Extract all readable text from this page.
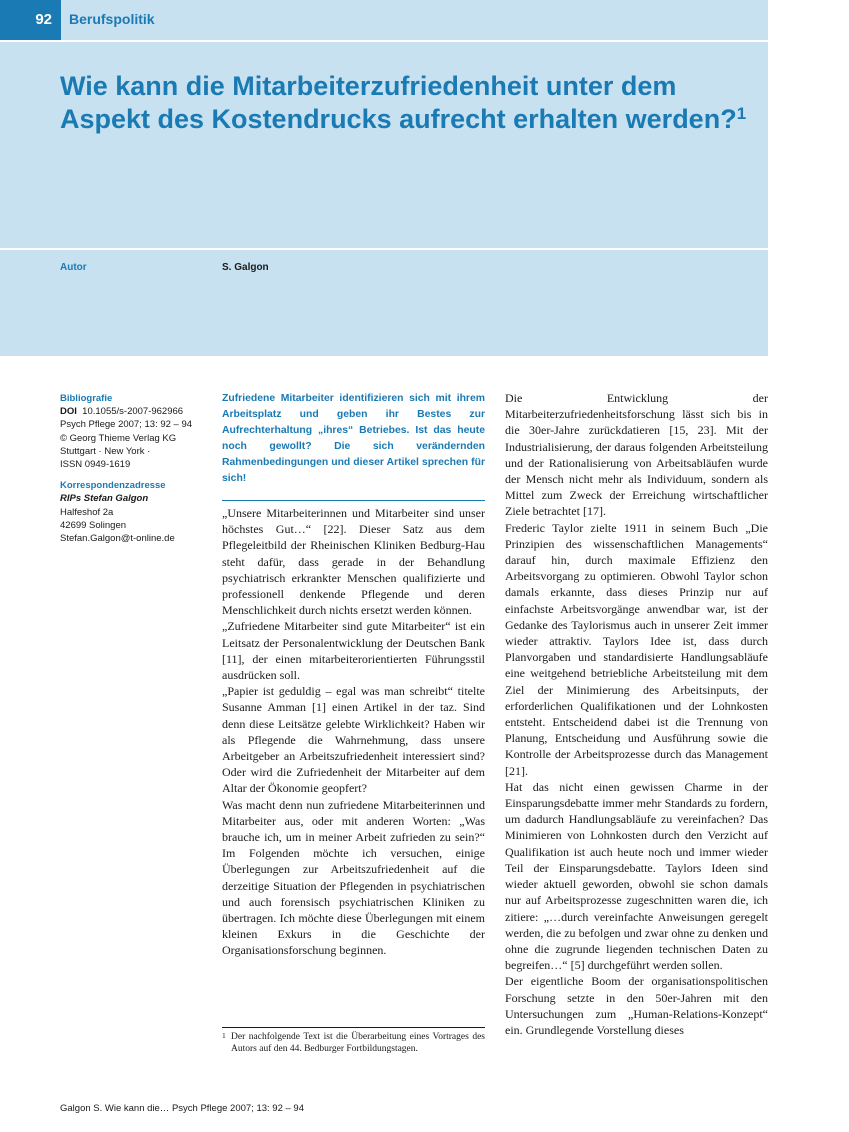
92	Berufspolitik
Wie kann die Mitarbeiterzufriedenheit unter dem Aspekt des Kostendrucks aufrecht erhalten werden?$^1$
Autor	S. Galgon
Bibliografie
DOI 10.1055/s-2007-962966
Psych Pflege 2007; 13: 92 – 94
© Georg Thieme Verlag KG
Stuttgart · New York ·
ISSN 0949-1619
Korrespondenzadresse
RIPs Stefan Galgon
Halfeshof 2a
42699 Solingen
Stefan.Galgon@t-online.de
Zufriedene Mitarbeiter identifizieren sich mit ihrem Arbeitsplatz und geben ihr Bestes zur Aufrechterhaltung „ihres“ Betriebes. Ist das heute noch gewollt? Die sich verändernden Rahmenbedingungen und dieser Artikel sprechen für sich!

„Unsere Mitarbeiterinnen und Mitarbeiter sind unser höchstes Gut…“ [22]. Dieser Satz aus dem Pflegeleitbild der Rheinischen Kliniken Bedburg-Hau steht dafür, dass gerade in der Behandlung psychiatrisch erkrankter Menschen qualifizierte und professionell denkende Pflegende und deren Menschlichkeit durch nichts ersetzt werden können.

„Zufriedene Mitarbeiter sind gute Mitarbeiter“ ist ein Leitsatz der Personalentwicklung der Deutschen Bank [11], der einen mitarbeiterorientierten Führungsstil ausdrücken soll.

„Papier ist geduldig – egal was man schreibt“ titelte Susanne Amman [1] einen Artikel in der taz. Sind denn diese Leitsätze gelebte Wirklichkeit? Haben wir als Pflegende die Wahrnehmung, dass unsere Arbeitgeber an Arbeitszufriedenheit interessiert sind? Oder wird die Zufriedenheit der Mitarbeiter auf dem Altar der Ökonomie geopfert?

Was macht denn nun zufriedene Mitarbeiterinnen und Mitarbeiter aus, oder mit anderen Worten: „Was brauche ich, um in meiner Arbeit zufrieden zu sein?“ Im Folgenden möchte ich versuchen, einige Überlegungen zur Arbeitszufriedenheit auf die derzeitige Situation der Pflegenden in psychiatrischen und auch forensisch psychiatrischen Kliniken zu übertragen. Ich möchte diese Überlegungen mit einem kleinen Exkurs in die Geschichte der Organisationsforschung beginnen.

Die Entwicklung der Mitarbeiterzufriedenheitsforschung lässt sich bis in die 30er-Jahre zurückdatieren [15, 23]. Mit der Industrialisierung, der daraus folgenden Arbeitsteilung und der Rationalisierung von Arbeitsabläufen wurde der Mensch nicht mehr als Individuum, sondern als Mittel zum Zweck der Erreichung wirtschaftlicher Ziele betrachtet [17].

Frederic Taylor zielte 1911 in seinem Buch „Die Prinzipien des wissenschaftlichen Managements“ darauf hin, durch maximale Effizienz den Arbeitsvorgang zu optimieren. Obwohl Taylor schon damals erkannte, dass dieses Prinzip nur auf einfachste Arbeitsvorgänge anwendbar war, ist der Gedanke des Taylorismus auch in unserer Zeit immer wieder attraktiv. Taylors Idee ist, dass durch Planvorgaben und standardisierte Handlungsabläufe eine weitgehend betriebliche Arbeitsteilung mit dem Ziel der Minimierung des Arbeitsinputs, der erforderlichen Qualifikationen und der Lohnkosten entsteht. Entscheidend dabei ist die Trennung von Planung, Entscheidung und Ausführung sowie die Kontrolle der Arbeitsprozesse durch das Management [21].

Hat das nicht einen gewissen Charme in der Einsparungsdebatte immer mehr Standards zu fordern, um dadurch Handlungsabläufe zu vereinfachen? Das Minimieren von Lohnkosten durch den Verzicht auf Qualifikation ist auch heute noch und immer wieder Teil der Einsparungsdebatte. Taylors Ideen sind wieder aktuell geworden, obwohl sie schon damals nur auf Arbeitsprozesse zugeschnitten waren die, ich zitiere: „…durch vereinfachte Anweisungen geregelt werden, die zu befolgen und zwar ohne zu denken und ohne die zugrunde liegenden technischen Daten zu begreifen…“ [5] durchgeführt werden sollen.

Der eigentliche Boom der organisationspolitischen Forschung setzte in den 50er-Jahren mit den Untersuchungen zum „Human-Relations-Konzept“ ein. Grundlegende Vorstellung dieses

1 Der nachfolgende Text ist die Überarbeitung eines Vortrages des Autors auf den 44. Bedburger Fortbildungstagen.
Galgon S. Wie kann die… Psych Pflege 2007; 13: 92 – 94
